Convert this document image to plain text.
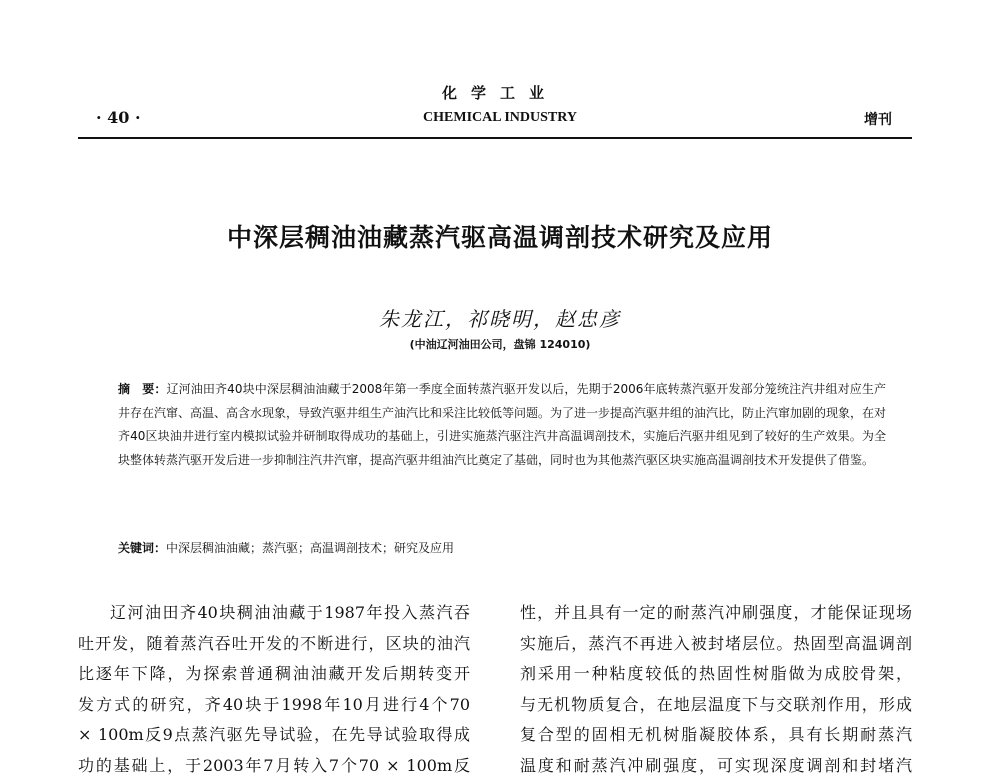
化学工业
· 40 ·	CHEMICAL INDUSTRY	增刊
中深层稠油油藏蒸汽驱高温调剖技术研究及应用
朱龙江，祁晓明，赵忠彦
(中油辽河油田公司，盘锦 124010)
摘　要：辽河油田齐40块中深层稠油油藏于2008年第一季度全面转蒸汽驱开发以后，先期于2006年底转蒸汽驱开发部分笼统注汽井组对应生产井存在汽窜、高温、高含水现象，导致汽驱井组生产油汽比和采注比较低等问题。为了进一步提高汽驱井组的油汽比，防止汽窜加剧的现象，在对齐40区块油井进行室内模拟试验并研制取得成功的基础上，引进实施蒸汽驱注汽井高温调剖技术，实施后汽驱井组见到了较好的生产效果。为全块整体转蒸汽驱开发后进一步抑制注汽井汽窜，提高汽驱井组油汽比奠定了基础，同时也为其他蒸汽驱区块实施高温调剖技术开发提供了借鉴。
关键词：中深层稠油油藏；蒸汽驱；高温调剖技术；研究及应用
辽河油田齐40块稠油油藏于1987年投入蒸汽吞
吐开发，随着蒸汽吞吐开发的不断进行，区块的油汽
比逐年下降，为探索普通稠油油藏开发后期转变开
发方式的研究，齐40块于1998年10月进行4个70
× 100m反9点蒸汽驱先导试验，在先导试验取得成
功的基础上，于2003年7月转入7个70 × 100m反
性，并且具有一定的耐蒸汽冲刷强度，才能保证现场
实施后，蒸汽不再进入被封堵层位。热固型高温调剖
剂采用一种粘度较低的热固性树脂做为成胶骨架，
与无机物质复合，在地层温度下与交联剂作用，形成
复合型的固相无机树脂凝胶体系，具有长期耐蒸汽
温度和耐蒸汽冲刷强度，可实现深度调剖和封堵汽
